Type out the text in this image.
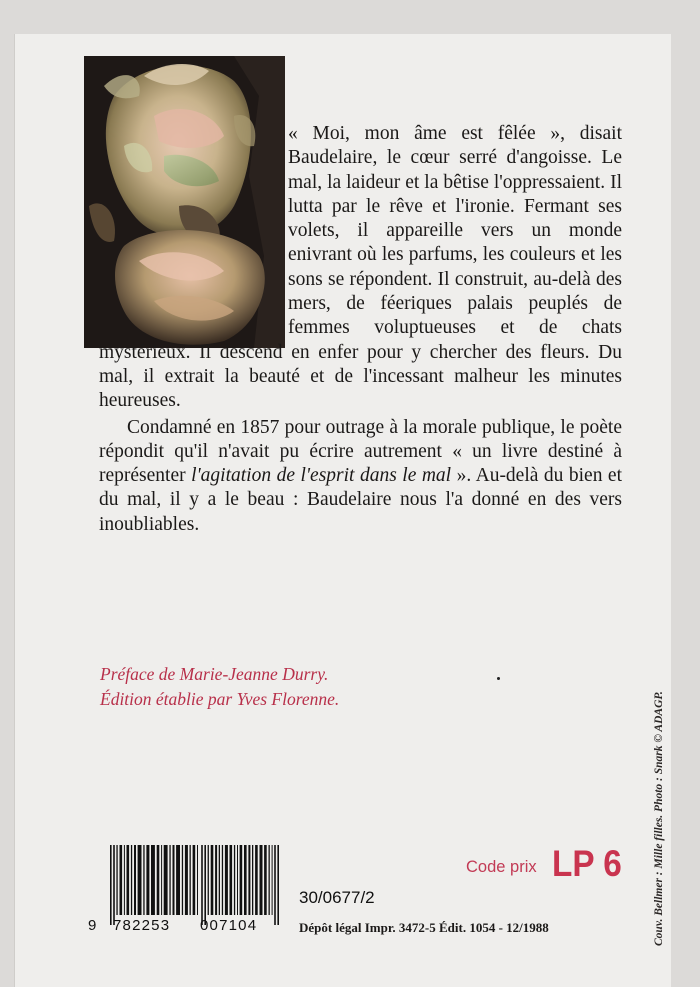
« Moi, mon âme est fêlée », disait Baudelaire, le cœur serré d'angoisse. Le mal, la laideur et la bêtise l'oppressaient. Il lutta par le rêve et l'ironie. Fermant ses volets, il appareille vers un monde enivrant où les parfums, les couleurs et les sons se répondent. Il construit, au-delà des mers, de féeriques palais peuplés de femmes voluptueuses et de chats mystérieux. Il descend en enfer pour y chercher des fleurs. Du mal, il extrait la beauté et de l'incessant malheur les minutes heureuses.

Condamné en 1857 pour outrage à la morale publique, le poète répondit qu'il n'avait pu écrire autrement « un livre destiné à représenter l'agitation de l'esprit dans le mal ». Au-delà du bien et du mal, il y a le beau : Baudelaire nous l'a donné en des vers inoubliables.

Préface de Marie-Jeanne Durry.
Édition établie par Yves Florenne.
9 782253 007104
30/0677/2
Dépôt légal Impr. 3472-5 Édit. 1054 - 12/1988
Code prix LP 6	Couv. Bellmer : Mille filles. Photo : Snark © ADAGP.
